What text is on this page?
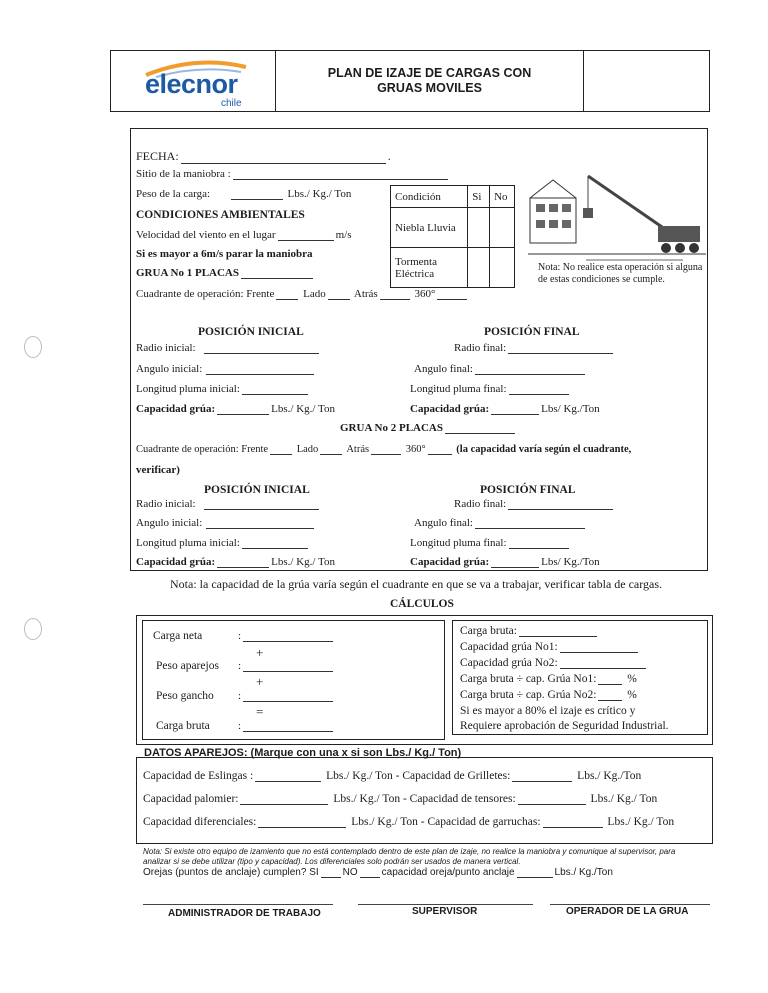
elecnor
chile
PLAN DE IZAJE DE CARGAS CON GRUAS MOVILES
FECHA:	.
Sitio de la maniobra :
Peso de la carga:	Lbs./ Kg./ Ton
CONDICIONES AMBIENTALES
Velocidad del viento en el lugar	m/s
Si es mayor a 6m/s parar la maniobra
GRUA No 1 PLACAS
Cuadrante de operación: Frente	Lado	Atrás	360°
Condición	Si	No
Niebla Lluvia		
Tormenta Eléctrica			Nota: No realice esta operación si alguna de estas condiciones se cumple.
POSICIÓN INICIAL	POSICIÓN FINAL
Radio inicial:	Radio final:
Angulo inicial:	Angulo final:
Longitud pluma inicial:	Longitud pluma final:
Capacidad grúa:	Lbs./ Kg./ Ton	Capacidad grúa:	Lbs/ Kg./Ton
GRUA No 2 PLACAS
Cuadrante de operación: Frente	Lado	Atrás	360°	(la capacidad varía según el cuadrante,
verificar)
POSICIÓN INICIAL	POSICIÓN FINAL
Radio inicial:	Radio final:
Angulo inicial:	Angulo final:
Longitud pluma inicial:	Longitud pluma final:
Capacidad grúa:	Lbs./ Kg./ Ton	Capacidad grúa:	Lbs/ Kg./Ton
Nota: la capacidad de la grúa varía según el cuadrante en que se va a trabajar, verificar tabla de cargas.
CÁLCULOS
Carga neta	:
+
Peso aparejos :
+
Peso gancho :
=
Carga bruta	:
Carga bruta:
Capacidad grúa No1:
Capacidad grúa No2:
Carga bruta ÷ cap. Grúa No1:	%
Carga bruta ÷ cap. Grúa No2:	%
Si es mayor a 80% el izaje es crítico y
Requiere aprobación de Seguridad Industrial.
DATOS APAREJOS: (Marque con una x si son Lbs./ Kg./ Ton)
Capacidad de Eslingas :	Lbs./ Kg./ Ton - Capacidad de Grilletes:	Lbs./ Kg./Ton
Capacidad palomier:	Lbs./ Kg./ Ton - Capacidad de tensores:	Lbs./ Kg./ Ton
Capacidad diferenciales:	Lbs./ Kg./ Ton - Capacidad de garruchas:	Lbs./ Kg./ Ton
Nota: Si existe otro equipo de izamiento que no está contemplado dentro de este plan de izaje, no realice la maniobra y comunique al supervisor, para analizar si se debe utilizar (tipo y capacidad). Los diferenciales solo podrán ser usados de manera vertical.
Orejas (puntos de anclaje) cumplen? SI NO capacidad oreja/punto anclaje	Lbs./ Kg./Ton
ADMINISTRADOR DE TRABAJO	SUPERVISOR	OPERADOR DE LA GRUA
